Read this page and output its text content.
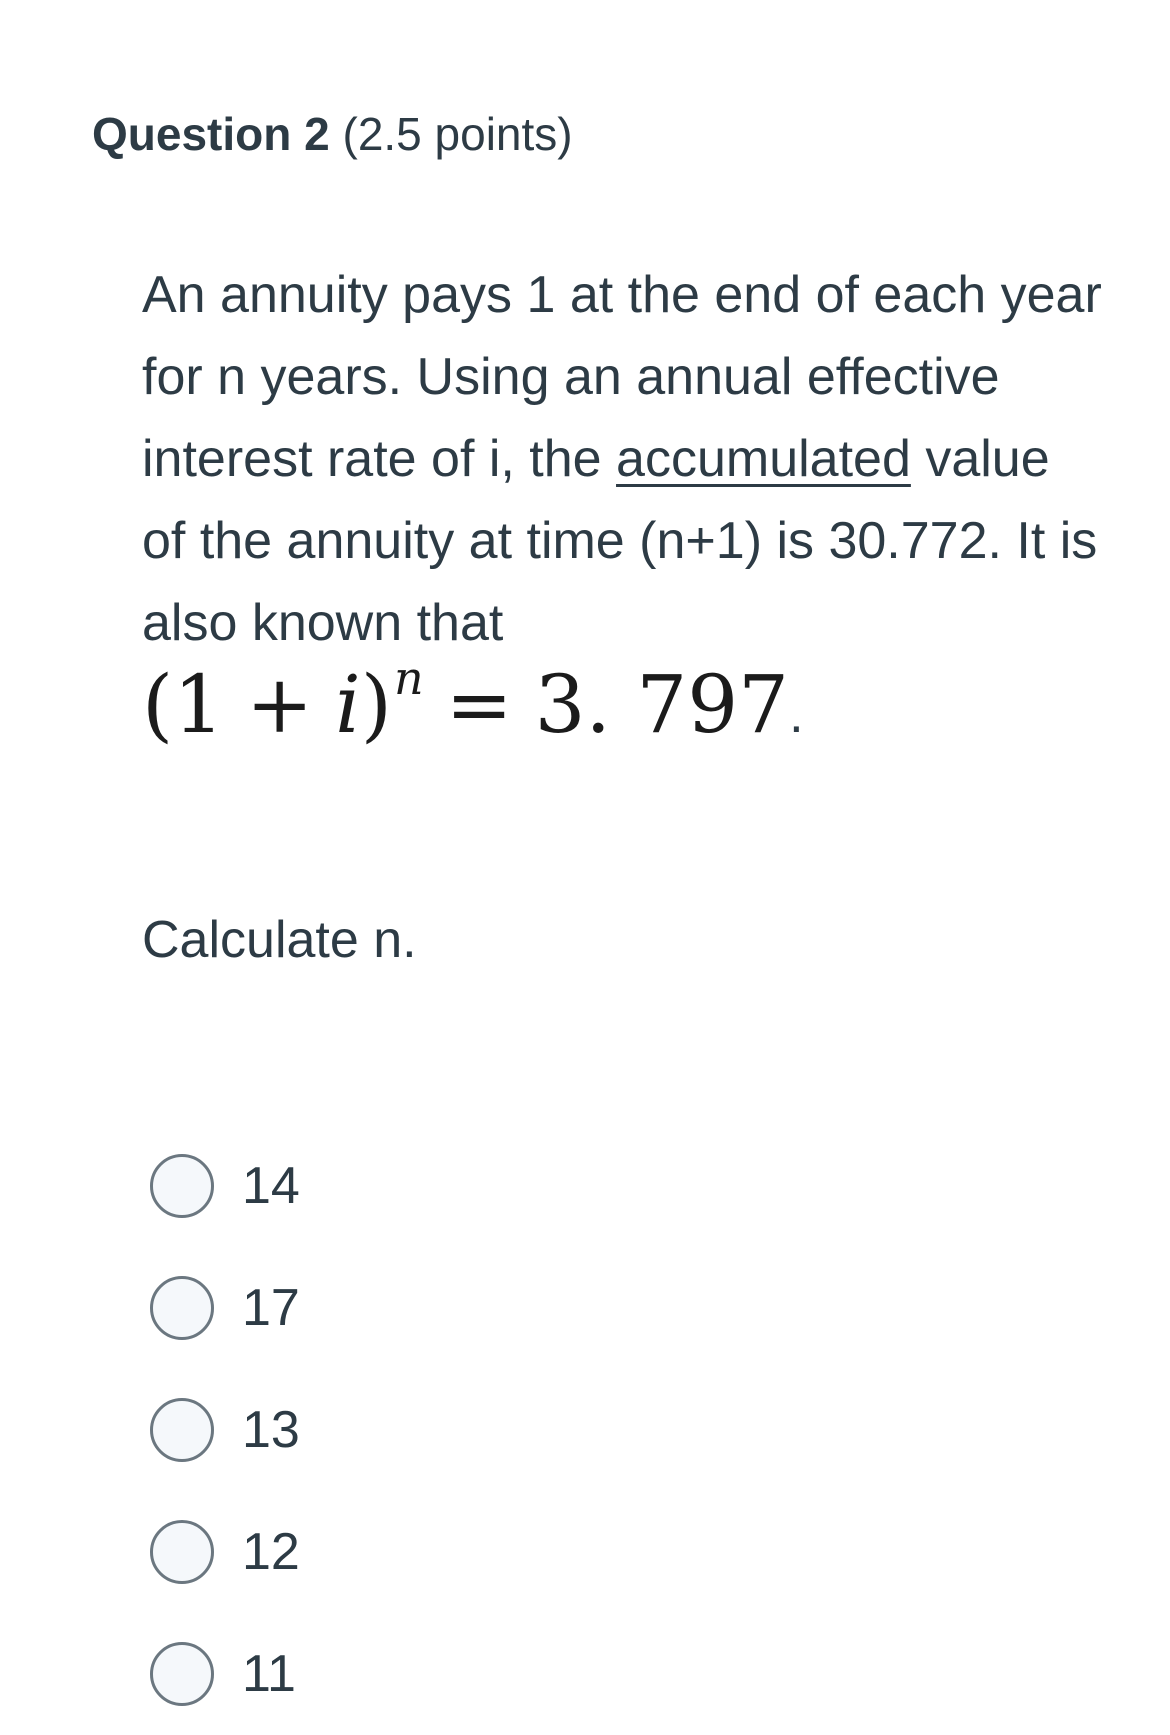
Question 2 (2.5 points)

An annuity pays 1 at the end of each year for n years. Using an annual effective interest rate of i, the accumulated value of the annuity at time (n+1) is 30.772. It is also known that $(1 + i)^n = 3$. 797.

Calculate n.
14
17
13
12
11
